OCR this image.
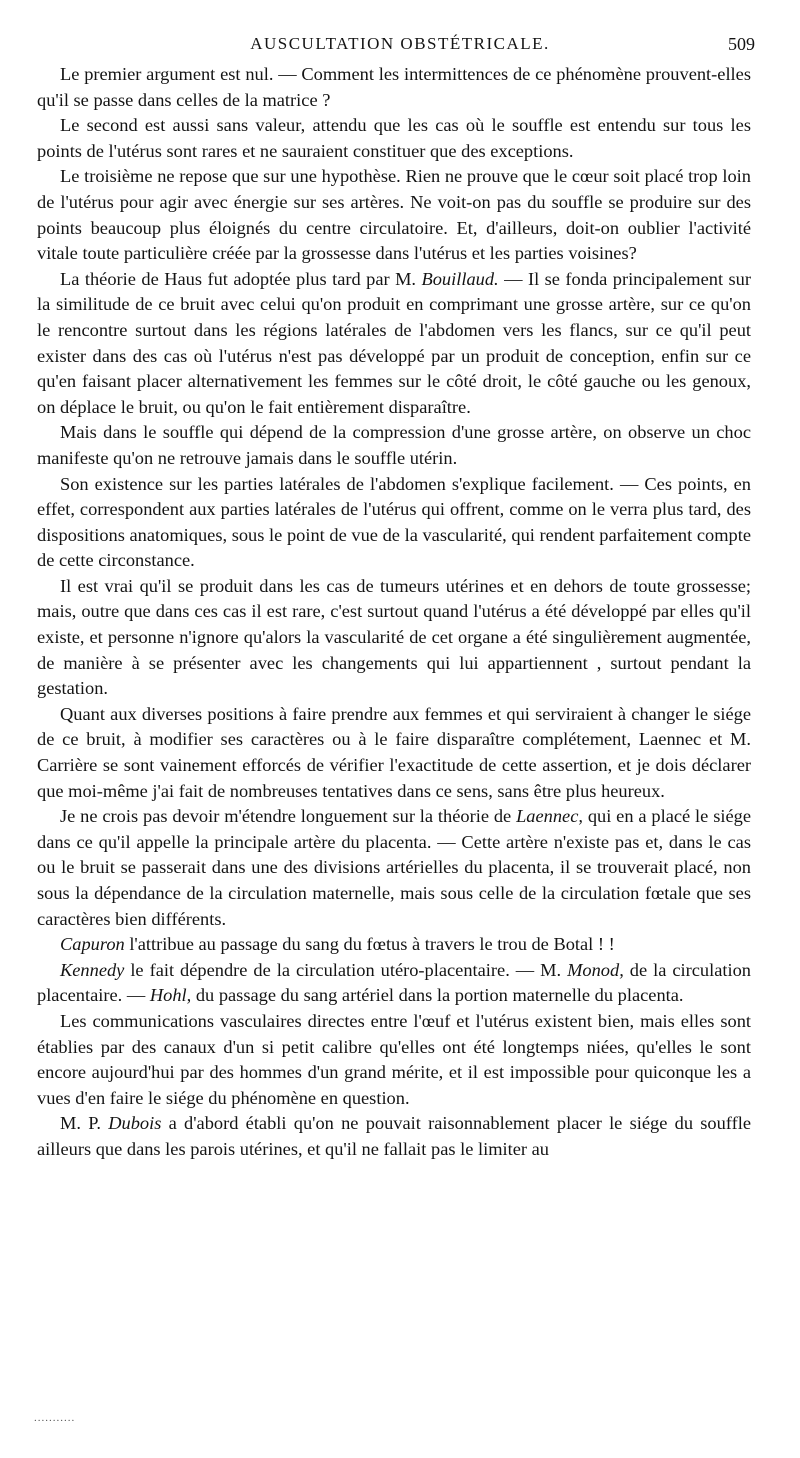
AUSCULTATION OBSTÉTRICALE.	509

Le premier argument est nul. — Comment les intermittences de ce phénomène prouvent-elles qu'il se passe dans celles de la matrice ?

Le second est aussi sans valeur, attendu que les cas où le souffle est entendu sur tous les points de l'utérus sont rares et ne sauraient constituer que des exceptions.

Le troisième ne repose que sur une hypothèse. Rien ne prouve que le cœur soit placé trop loin de l'utérus pour agir avec énergie sur ses artères. Ne voit-on pas du souffle se produire sur des points beaucoup plus éloignés du centre circulatoire. Et, d'ailleurs, doit-on oublier l'activité vitale toute particulière créée par la grossesse dans l'utérus et les parties voisines?

La théorie de Haus fut adoptée plus tard par M. Bouillaud. — Il se fonda principalement sur la similitude de ce bruit avec celui qu'on produit en comprimant une grosse artère, sur ce qu'on le rencontre surtout dans les régions latérales de l'abdomen vers les flancs, sur ce qu'il peut exister dans des cas où l'utérus n'est pas développé par un produit de conception, enfin sur ce qu'en faisant placer alternativement les femmes sur le côté droit, le côté gauche ou les genoux, on déplace le bruit, ou qu'on le fait entièrement disparaître.

Mais dans le souffle qui dépend de la compression d'une grosse artère, on observe un choc manifeste qu'on ne retrouve jamais dans le souffle utérin.

Son existence sur les parties latérales de l'abdomen s'explique facilement. — Ces points, en effet, correspondent aux parties latérales de l'utérus qui offrent, comme on le verra plus tard, des dispositions anatomiques, sous le point de vue de la vascularité, qui rendent parfaitement compte de cette circonstance.

Il est vrai qu'il se produit dans les cas de tumeurs utérines et en dehors de toute grossesse; mais, outre que dans ces cas il est rare, c'est surtout quand l'utérus a été développé par elles qu'il existe, et personne n'ignore qu'alors la vascularité de cet organe a été singulièrement augmentée, de manière à se présenter avec les changements qui lui appartiennent , surtout pendant la gestation.

Quant aux diverses positions à faire prendre aux femmes et qui serviraient à changer le siége de ce bruit, à modifier ses caractères ou à le faire disparaître complétement, Laennec et M. Carrière se sont vainement efforcés de vérifier l'exactitude de cette assertion, et je dois déclarer que moi-même j'ai fait de nombreuses tentatives dans ce sens, sans être plus heureux.

Je ne crois pas devoir m'étendre longuement sur la théorie de Laennec, qui en a placé le siége dans ce qu'il appelle la principale artère du placenta. — Cette artère n'existe pas et, dans le cas ou le bruit se passerait dans une des divisions artérielles du placenta, il se trouverait placé, non sous la dépendance de la circulation maternelle, mais sous celle de la circulation fœtale que ses caractères bien différents.

Capuron l'attribue au passage du sang du fœtus à travers le trou de Botal ! !

Kennedy le fait dépendre de la circulation utéro-placentaire. — M. Monod, de la circulation placentaire. — Hohl, du passage du sang artériel dans la portion maternelle du placenta.

Les communications vasculaires directes entre l'œuf et l'utérus existent bien, mais elles sont établies par des canaux d'un si petit calibre qu'elles ont été longtemps niées, qu'elles le sont encore aujourd'hui par des hommes d'un grand mérite, et il est impossible pour quiconque les a vues d'en faire le siége du phénomène en question.

M. P. Dubois a d'abord établi qu'on ne pouvait raisonnablement placer le siége du souffle ailleurs que dans les parois utérines, et qu'il ne fallait pas le limiter au

...........
